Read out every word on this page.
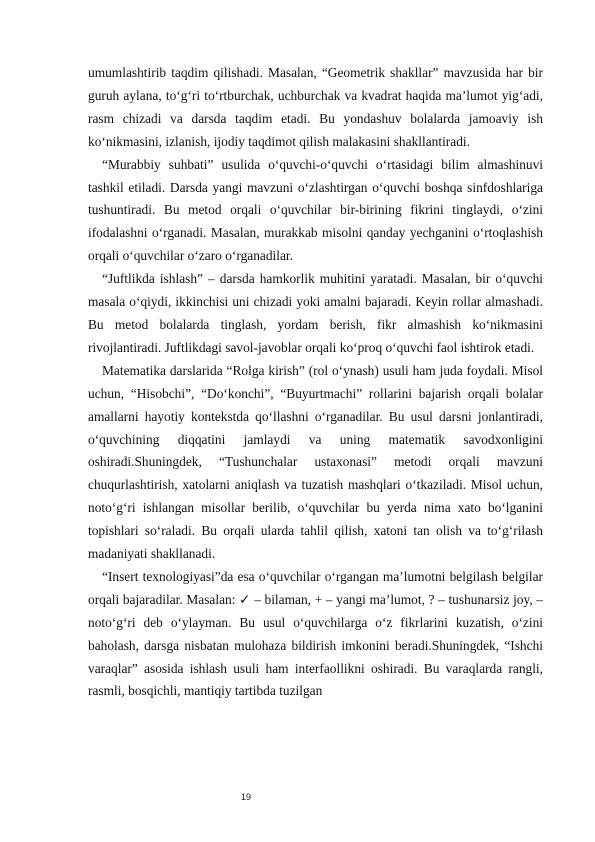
umumlashtirib taqdim qilishadi. Masalan, “Geometrik shakllar” mavzusida har bir guruh aylana, to‘g‘ri to‘rtburchak, uchburchak va kvadrat haqida ma’lumot yig‘adi, rasm chizadi va darsda taqdim etadi. Bu yondashuv bolalarda jamoaviy ish ko‘nikmasini, izlanish, ijodiy taqdimot qilish malakasini shakllantiradi.

“Murabbiy suhbati” usulida o‘quvchi-o‘quvchi o‘rtasidagi bilim almashinuvi tashkil etiladi. Darsda yangi mavzuni o‘zlashtirgan o‘quvchi boshqa sinfdoshlariga tushuntiradi. Bu metod orqali o‘quvchilar bir-birining fikrini tinglaydi, o‘zini ifodalashni o‘rganadi. Masalan, murakkab misolni qanday yechganini o‘rtoqlashish orqali o‘quvchilar o‘zaro o‘rganadilar.

“Juftlikda ishlash” – darsda hamkorlik muhitini yaratadi. Masalan, bir o‘quvchi masala o‘qiydi, ikkinchisi uni chizadi yoki amalni bajaradi. Keyin rollar almashadi. Bu metod bolalarda tinglash, yordam berish, fikr almashish ko‘nikmasini rivojlantiradi. Juftlikdagi savol-javoblar orqali ko‘proq o‘quvchi faol ishtirok etadi.

Matematika darslarida “Rolga kirish” (rol o‘ynash) usuli ham juda foydali. Misol uchun, “Hisobchi”, “Do‘konchi”, “Buyurtmachi” rollarini bajarish orqali bolalar amallarni hayotiy kontekstda qo‘llashni o‘rganadilar. Bu usul darsni jonlantiradi, o‘quvchining diqqatini jamlaydi va uning matematik savodxonligini oshiradi.Shuningdek, “Tushunchalar ustaxonasi” metodi orqali mavzuni chuqurlashtirish, xatolarni aniqlash va tuzatish mashqlari o‘tkaziladi. Misol uchun, noto‘g‘ri ishlangan misollar berilib, o‘quvchilar bu yerda nima xato bo‘lganini topishlari so‘raladi. Bu orqali ularda tahlil qilish, xatoni tan olish va to‘g‘rilash madaniyati shakllanadi.

“Insert texnologiyasi”da esa o‘quvchilar o‘rgangan ma’lumotni belgilash belgilar orqali bajaradilar. Masalan: ✓ – bilaman, + – yangi ma’lumot, ? – tushunarsiz joy, – noto‘g‘ri deb o‘ylayman. Bu usul o‘quvchilarga o‘z fikrlarini kuzatish, o‘zini baholash, darsga nisbatan mulohaza bildirish imkonini beradi.Shuningdek, “Ishchi varaqlar” asosida ishlash usuli ham interfaollikni oshiradi. Bu varaqlarda rangli, rasmli, bosqichli, mantiqiy tartibda tuzilgan

19
